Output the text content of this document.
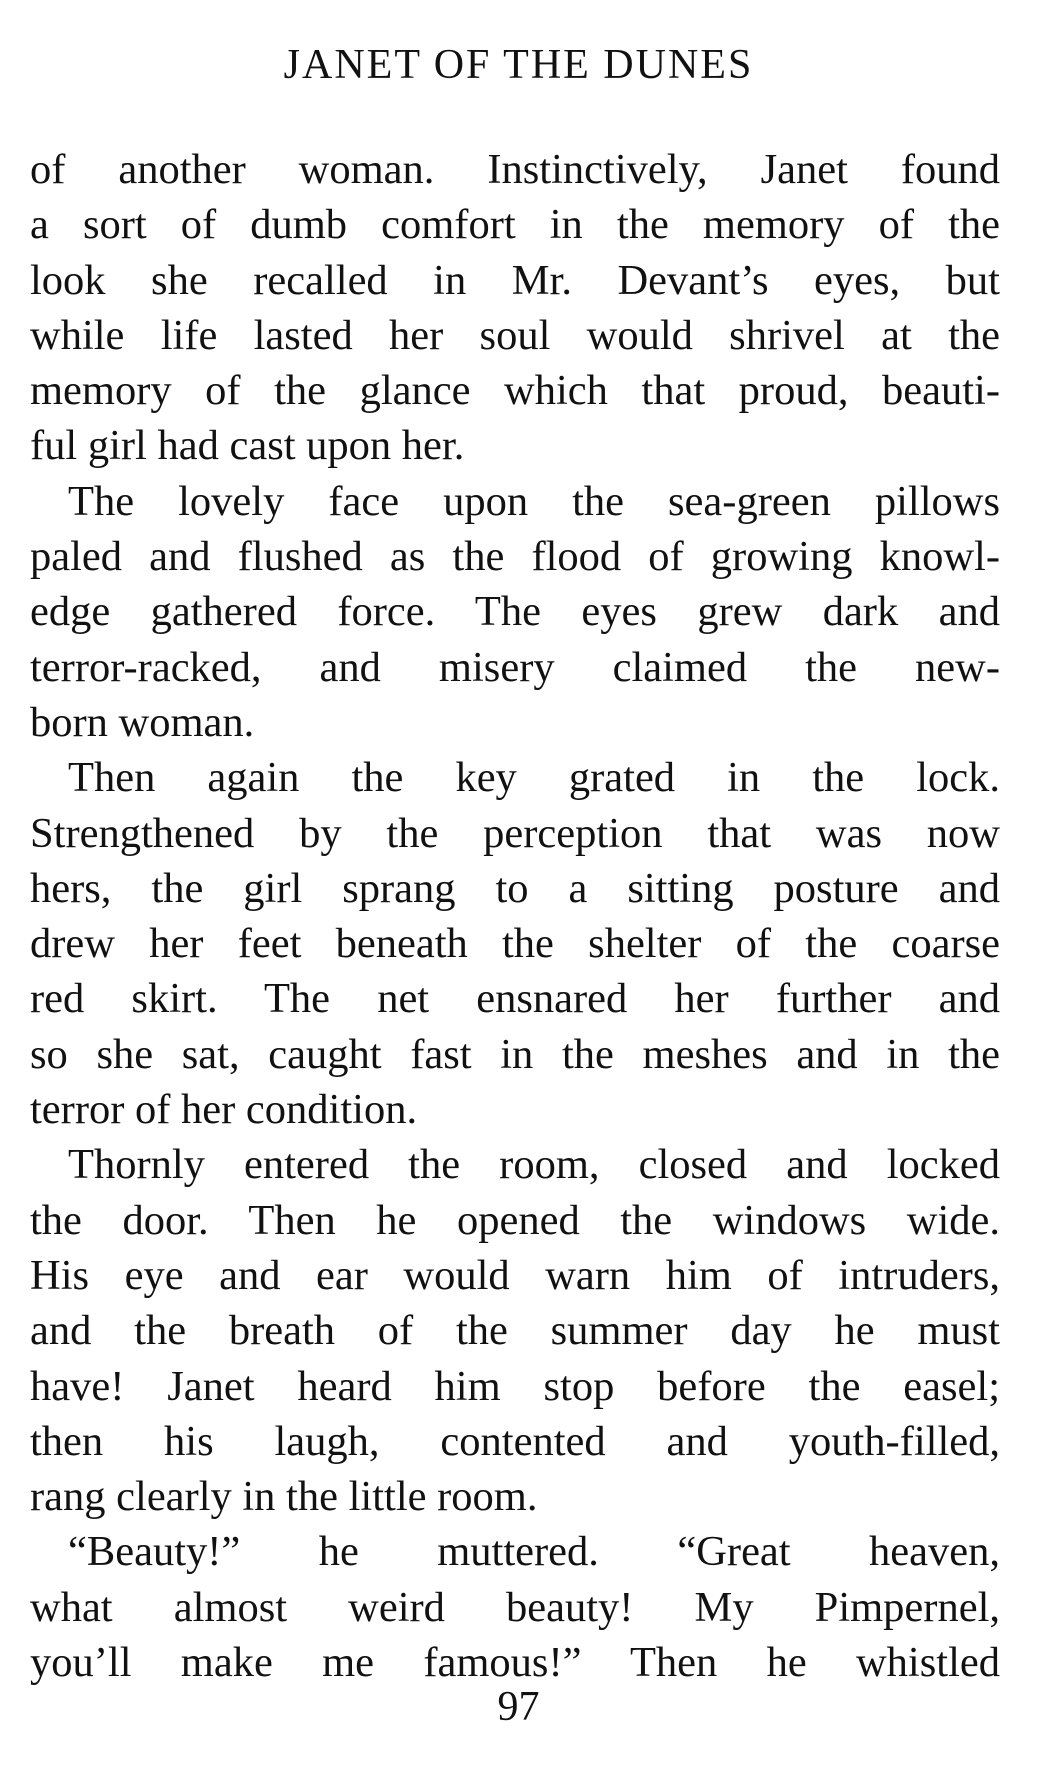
JANET OF THE DUNES

of another woman. Instinctively, Janet found
a sort of dumb comfort in the memory of the
look she recalled in Mr. Devant’s eyes, but
while life lasted her soul would shrivel at the
memory of the glance which that proud, beauti-
ful girl had cast upon her.

The lovely face upon the sea-green pillows
paled and flushed as the flood of growing knowl-
edge gathered force. The eyes grew dark and
terror-racked, and misery claimed the new-
born woman.

Then again the key grated in the lock.
Strengthened by the perception that was now
hers, the girl sprang to a sitting posture and
drew her feet beneath the shelter of the coarse
red skirt. The net ensnared her further and
so she sat, caught fast in the meshes and in the
terror of her condition.

Thornly entered the room, closed and locked
the door. Then he opened the windows wide.
His eye and ear would warn him of intruders,
and the breath of the summer day he must
have! Janet heard him stop before the easel;
then his laugh, contented and youth-filled,
rang clearly in the little room.

“Beauty!” he muttered. “Great heaven,
what almost weird beauty! My Pimpernel,
you’ll make me famous!” Then he whistled

97
